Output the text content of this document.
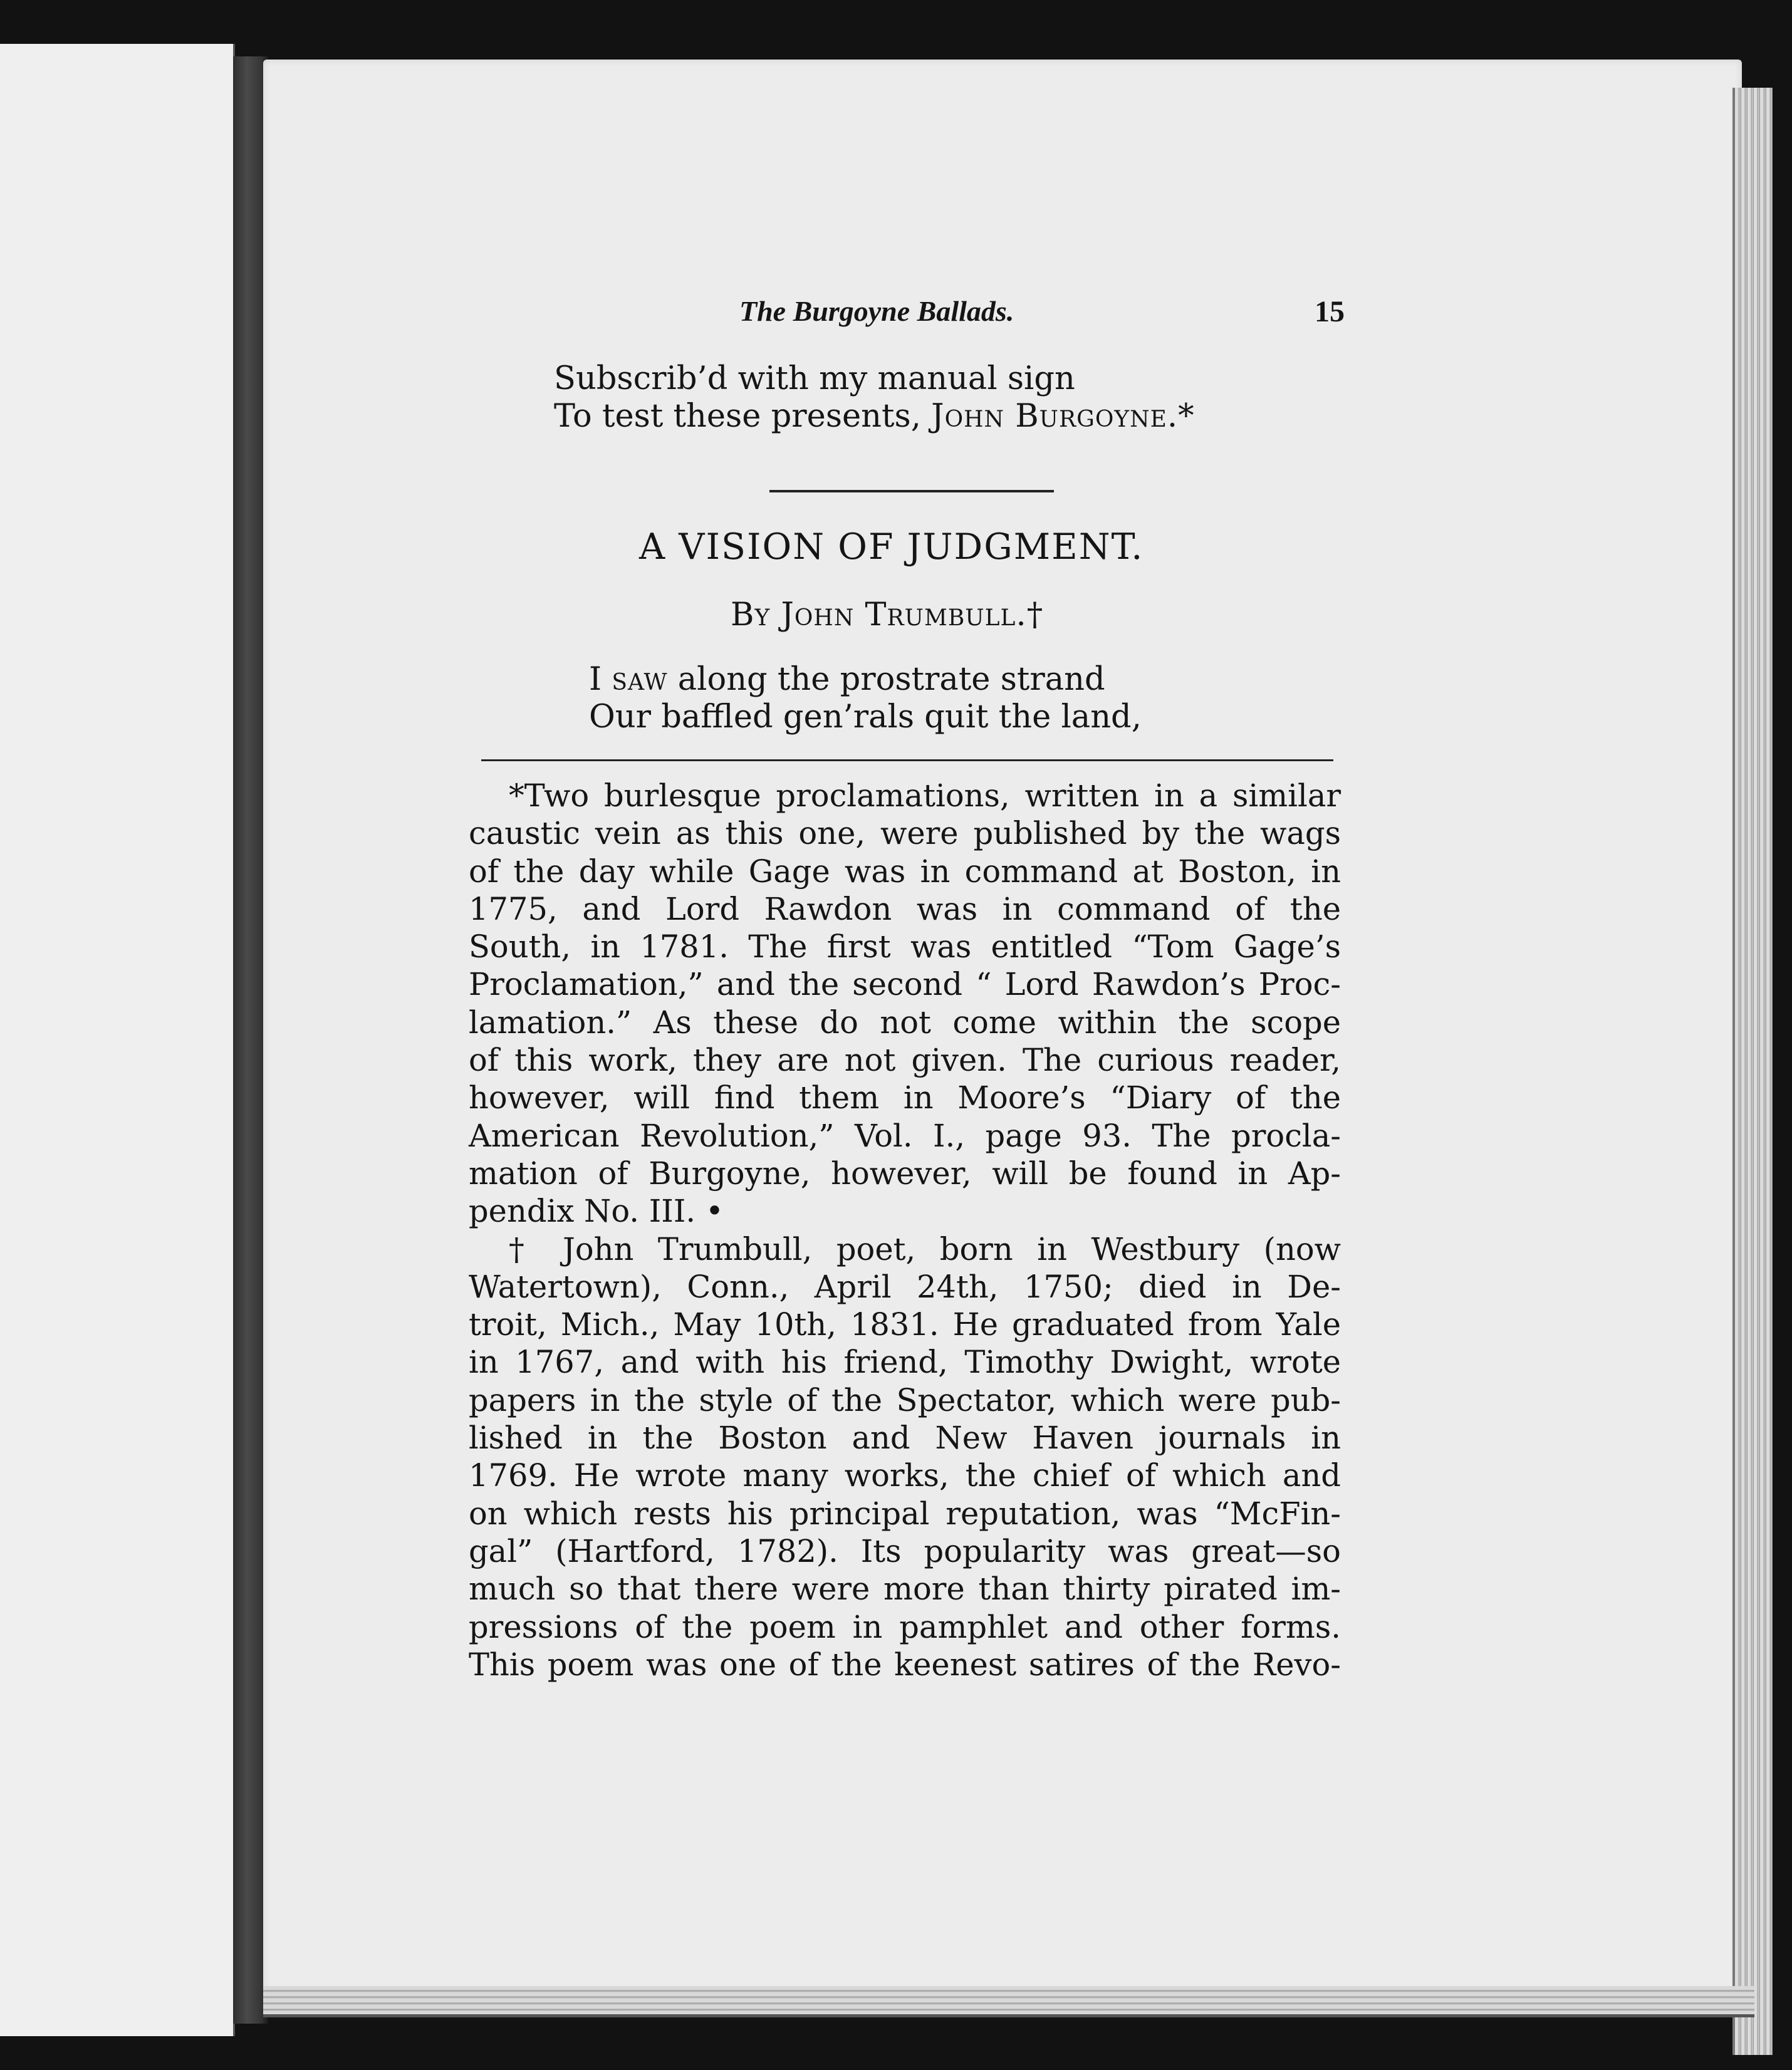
The Burgoyne Ballads.	15
Subscrib’d with my manual sign
To test these presents, John Burgoyne.*
A VISION OF JUDGMENT.
By John Trumbull.†
I saw along the prostrate strand
Our baffled gen’rals quit the land,
*Two burlesque proclamations, written in a similar
caustic vein as this one, were published by the wags
of the day while Gage was in command at Boston, in
1775, and Lord Rawdon was in command of the
South, in 1781. The first was entitled “Tom Gage’s
Proclamation,” and the second “ Lord Rawdon’s Proc-
lamation.” As these do not come within the scope
of this work, they are not given. The curious reader,
however, will find them in Moore’s “Diary of the
American Revolution,” Vol. I., page 93. The procla-
mation of Burgoyne, however, will be found in Ap-
pendix No. III. •
† John Trumbull, poet, born in Westbury (now
Watertown), Conn., April 24th, 1750; died in De-
troit, Mich., May 10th, 1831. He graduated from Yale
in 1767, and with his friend, Timothy Dwight, wrote
papers in the style of the Spectator, which were pub-
lished in the Boston and New Haven journals in
1769. He wrote many works, the chief of which and
on which rests his principal reputation, was “McFin-
gal” (Hartford, 1782). Its popularity was great—so
much so that there were more than thirty pirated im-
pressions of the poem in pamphlet and other forms.
This poem was one of the keenest satires of the Revo-
